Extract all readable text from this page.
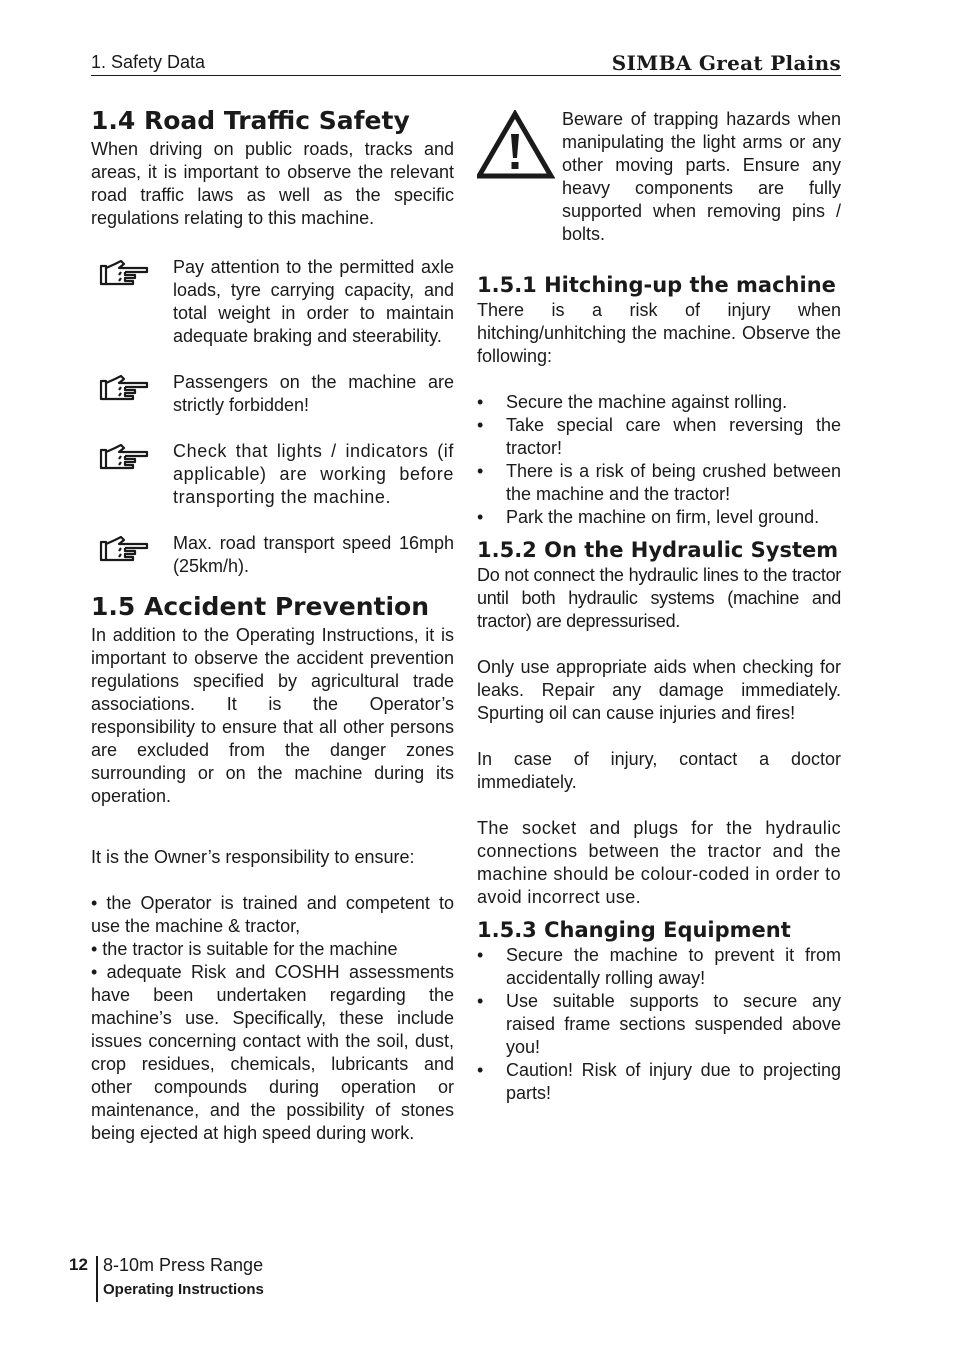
1. Safety Data	SIMBA Great Plains
1.4 Road Traffic Safety

When driving on public roads, tracks and areas, it is important to observe the relevant road traffic laws as well as the specific regulations relating to this machine.

Pay attention to the permitted axle loads, tyre carrying capacity, and total weight in order to maintain adequate braking and steerability.

Passengers on the machine are strictly forbidden!

Check that lights / indicators (if applicable) are working before transporting the machine.

Max. road transport speed 16mph (25km/h).

1.5 Accident Prevention

In addition to the Operating Instructions, it is important to observe the accident prevention regulations specified by agricultural trade associations. It is the Operator’s responsibility to ensure that all other persons are excluded from the danger zones surrounding or on the machine during its operation.

It is the Owner’s responsibility to ensure:

• the Operator is trained and competent to use the machine & tractor,

• the tractor is suitable for the machine

• adequate Risk and COSHH assessments have been undertaken regarding the machine’s use. Specifically, these include issues concerning contact with the soil, dust, crop residues, chemicals, lubricants and other compounds during operation or maintenance, and the possibility of stones being ejected at high speed during work.

Beware of trapping hazards when manipulating the light arms or any other moving parts. Ensure any heavy components are fully supported when removing pins / bolts.

1.5.1 Hitching-up the machine

There is a risk of injury when hitching/unhitching the machine. Observe the following:

• Secure the machine against rolling.
• Take special care when reversing the tractor!
• There is a risk of being crushed between the machine and the tractor!
• Park the machine on firm, level ground.
1.5.2 On the Hydraulic System

Do not connect the hydraulic lines to the tractor until both hydraulic systems (machine and tractor) are depressurised.

Only use appropriate aids when checking for leaks. Repair any damage immediately. Spurting oil can cause injuries and fires!

In case of injury, contact a doctor immediately.

The socket and plugs for the hydraulic connections between the tractor and the machine should be colour-coded in order to avoid incorrect use.

1.5.3 Changing Equipment
• Secure the machine to prevent it from accidentally rolling away!
• Use suitable supports to secure any raised frame sections suspended above you!
• Caution! Risk of injury due to projecting parts!
12 8-10m Press Range
Operating Instructions
